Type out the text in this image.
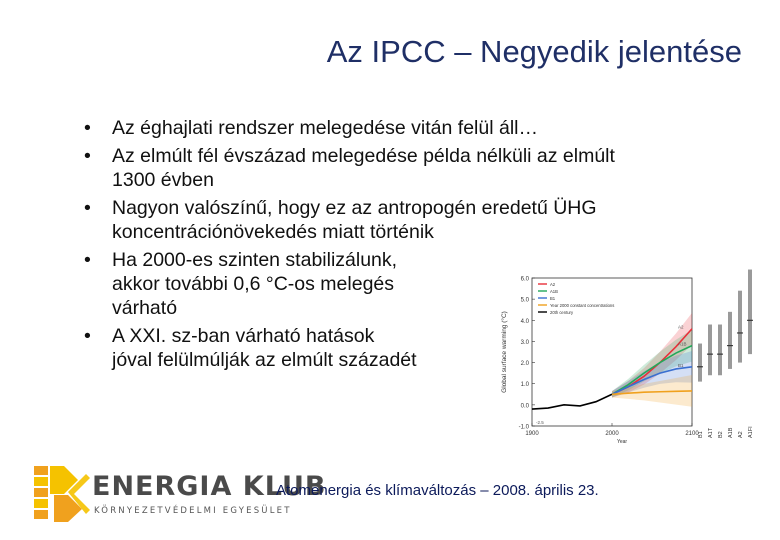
Az IPCC – Negyedik jelentése
• Az éghajlati rendszer melegedése vitán felül áll…
• Az elmúlt fél évszázad melegedése példa nélküli az elmúlt
1300 évben
• Nagyon valószínű, hogy ez az antropogén eredetű ÜHG
koncentrációnövekedés miatt történik
• Ha 2000-es szinten stabilizálunk,
akkor további 0,6 °C-os melegés
várható
• A XXI. sz-ban várható hatások
jóval felülmúlják az elmúlt századét
-1.0
0.0
1.0
2.0
3.0
4.0
5.0
6.0
1900	2000	2100
Year
Global surface warming (°C)
A2
A1B
B1
Year 2000 constant concentrations
20th century
A2
A1B
B1
-2.5
B1 A1T B2 A1B A2 A1FI
ENERGIA KLUB
KÖRNYEZETVÉDELMI EGYESÜLET
Atomenergia és klímaváltozás – 2008. április 23.
